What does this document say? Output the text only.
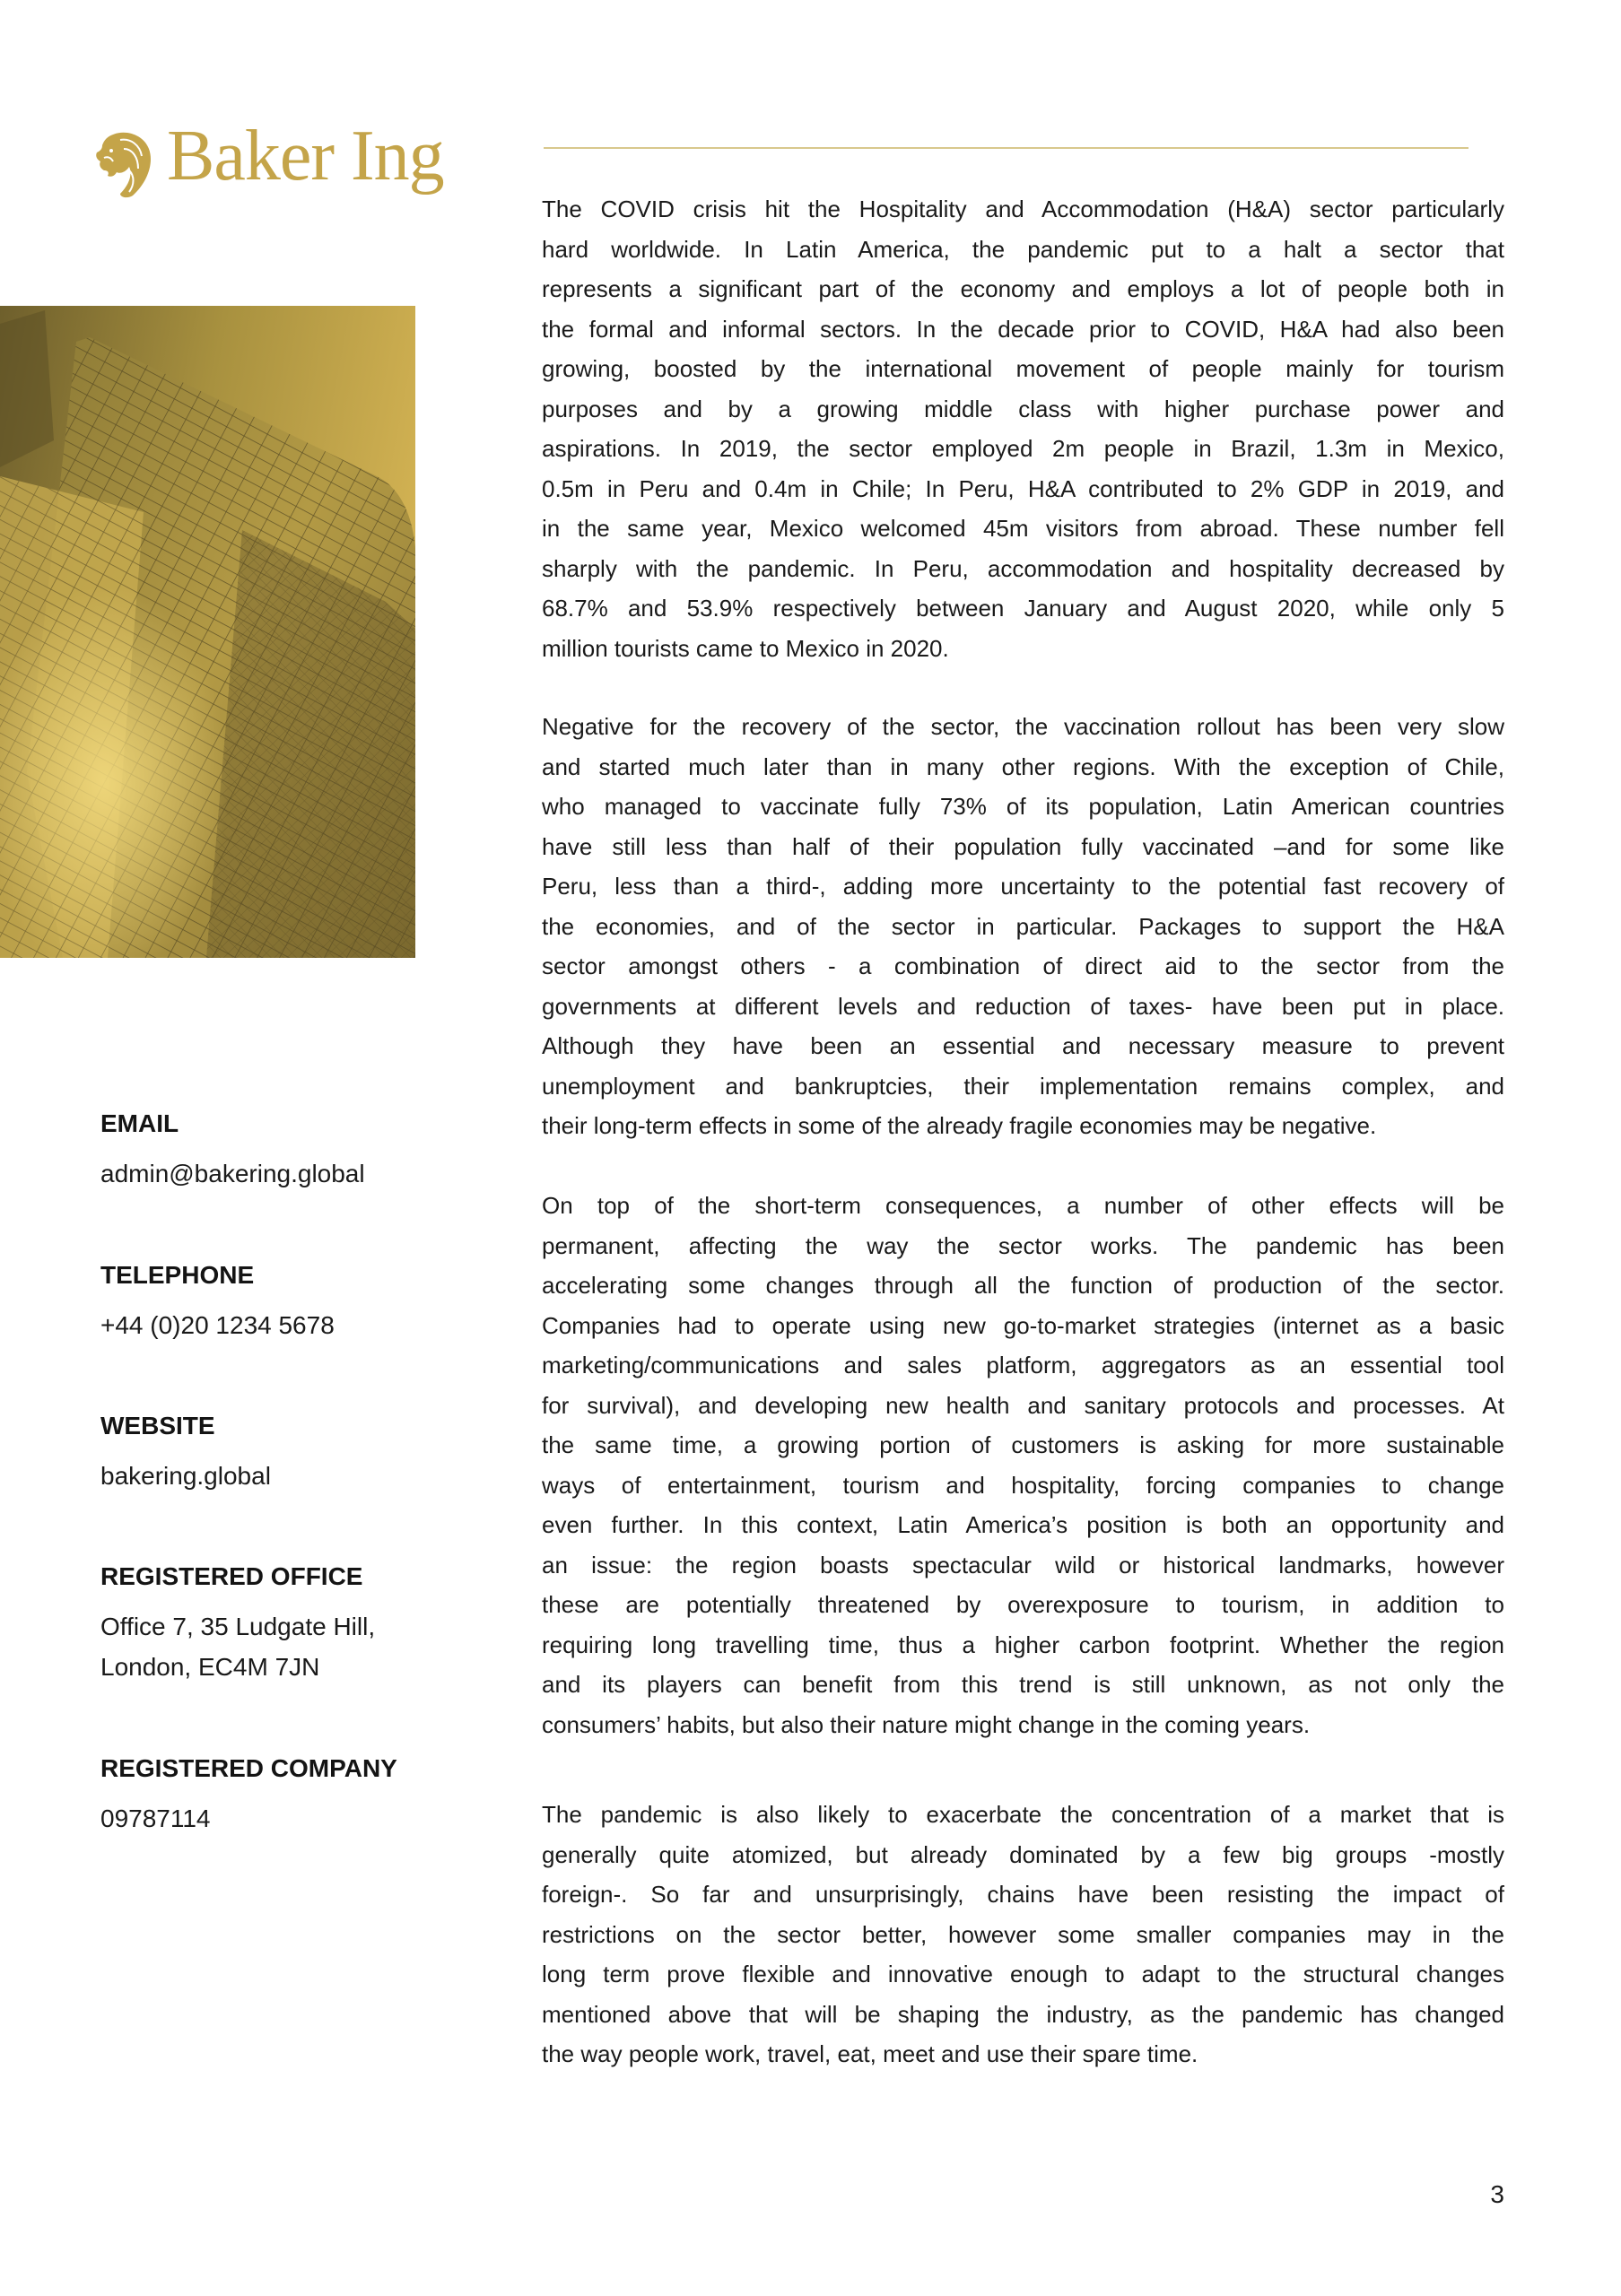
Baker Ing
EMAIL
admin@bakering.global
TELEPHONE
+44 (0)20 1234 5678
WEBSITE
bakering.global
REGISTERED OFFICE
Office 7, 35 Ludgate Hill,
London, EC4M 7JN
REGISTERED COMPANY
09787114
The COVID crisis hit the Hospitality and Accommodation (H&A) sector particularly
hard worldwide. In Latin America, the pandemic put to a halt a sector that
represents a significant part of the economy and employs a lot of people both in
the formal and informal sectors. In the decade prior to COVID, H&A had also been
growing, boosted by the international movement of people mainly for tourism
purposes and by a growing middle class with higher purchase power and
aspirations. In 2019, the sector employed 2m people in Brazil, 1.3m in Mexico,
0.5m in Peru and 0.4m in Chile; In Peru, H&A contributed to 2% GDP in 2019, and
in the same year, Mexico welcomed 45m visitors from abroad. These number fell
sharply with the pandemic. In Peru, accommodation and hospitality decreased by
68.7% and 53.9% respectively between January and August 2020, while only 5
million tourists came to Mexico in 2020.
Negative for the recovery of the sector, the vaccination rollout has been very slow
and started much later than in many other regions. With the exception of Chile,
who managed to vaccinate fully 73% of its population, Latin American countries
have still less than half of their population fully vaccinated –and for some like
Peru, less than a third-, adding more uncertainty to the potential fast recovery of
the economies, and of the sector in particular. Packages to support the H&A
sector amongst others - a combination of direct aid to the sector from the
governments at different levels and reduction of taxes- have been put in place.
Although they have been an essential and necessary measure to prevent
unemployment and bankruptcies, their implementation remains complex, and
their long-term effects in some of the already fragile economies may be negative.
On top of the short-term consequences, a number of other effects will be
permanent, affecting the way the sector works. The pandemic has been
accelerating some changes through all the function of production of the sector.
Companies had to operate using new go-to-market strategies (internet as a basic
marketing/communications and sales platform, aggregators as an essential tool
for survival), and developing new health and sanitary protocols and processes. At
the same time, a growing portion of customers is asking for more sustainable
ways of entertainment, tourism and hospitality, forcing companies to change
even further. In this context, Latin America’s position is both an opportunity and
an issue: the region boasts spectacular wild or historical landmarks, however
these are potentially threatened by overexposure to tourism, in addition to
requiring long travelling time, thus a higher carbon footprint. Whether the region
and its players can benefit from this trend is still unknown, as not only the
consumers’ habits, but also their nature might change in the coming years.
The pandemic is also likely to exacerbate the concentration of a market that is
generally quite atomized, but already dominated by a few big groups -mostly
foreign-. So far and unsurprisingly, chains have been resisting the impact of
restrictions on the sector better, however some smaller companies may in the
long term prove flexible and innovative enough to adapt to the structural changes
mentioned above that will be shaping the industry, as the pandemic has changed
the way people work, travel, eat, meet and use their spare time.
3
